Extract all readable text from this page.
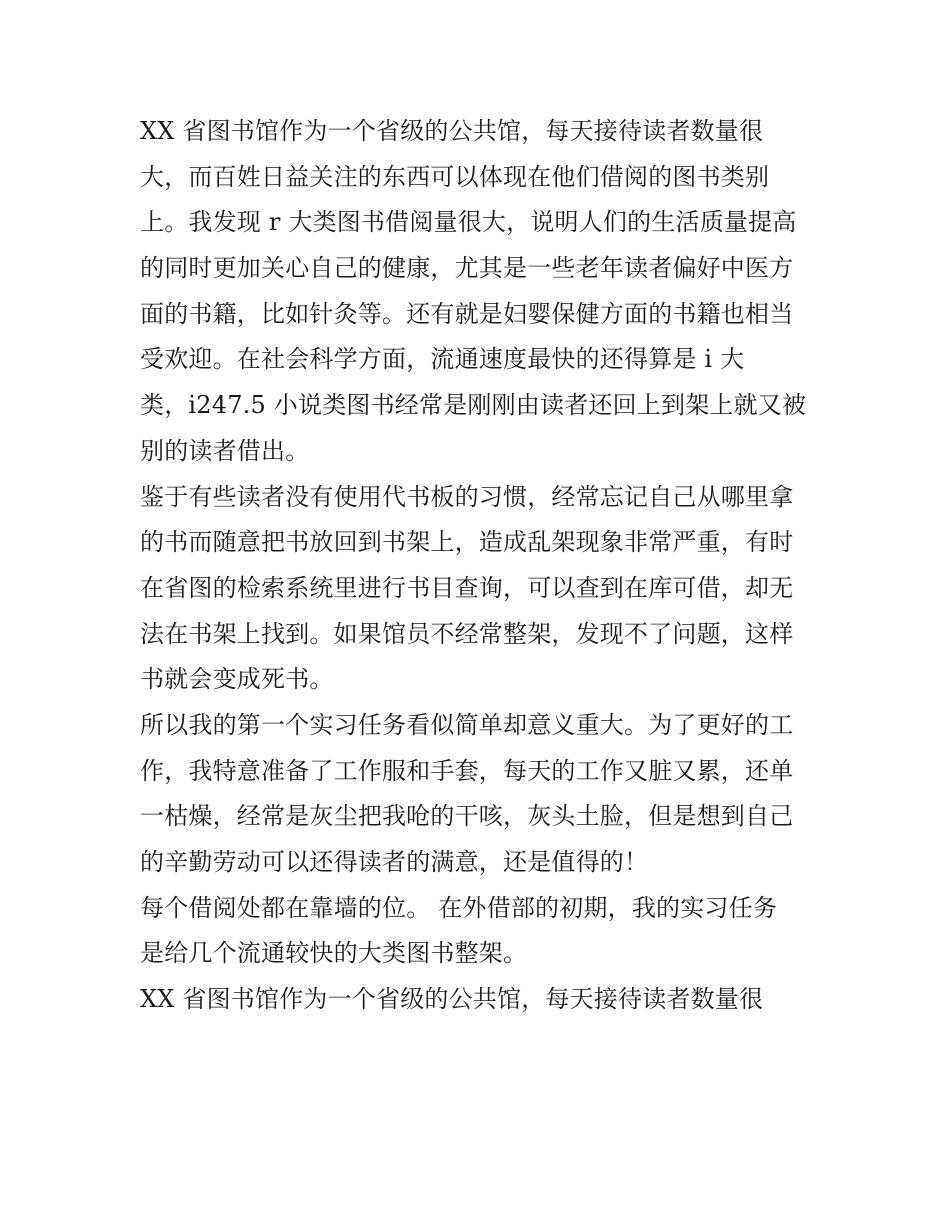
XX 省图书馆作为一个省级的公共馆，每天接待读者数量很
大，而百姓日益关注的东西可以体现在他们借阅的图书类别
上。我发现 r 大类图书借阅量很大，说明人们的生活质量提高
的同时更加关心自己的健康，尤其是一些老年读者偏好中医方
面的书籍，比如针灸等。还有就是妇婴保健方面的书籍也相当
受欢迎。在社会科学方面，流通速度最快的还得算是 i 大
类，i247.5 小说类图书经常是刚刚由读者还回上到架上就又被
别的读者借出。
鉴于有些读者没有使用代书板的习惯，经常忘记自己从哪里拿
的书而随意把书放回到书架上，造成乱架现象非常严重，有时
在省图的检索系统里进行书目查询，可以查到在库可借，却无
法在书架上找到。如果馆员不经常整架，发现不了问题，这样
书就会变成死书。
所以我的第一个实习任务看似简单却意义重大。为了更好的工
作，我特意准备了工作服和手套，每天的工作又脏又累，还单
一枯燥，经常是灰尘把我呛的干咳，灰头土脸，但是想到自己
的辛勤劳动可以还得读者的满意，还是值得的！
每个借阅处都在靠墙的位。 在外借部的初期，我的实习任务
是给几个流通较快的大类图书整架。
XX 省图书馆作为一个省级的公共馆，每天接待读者数量很
